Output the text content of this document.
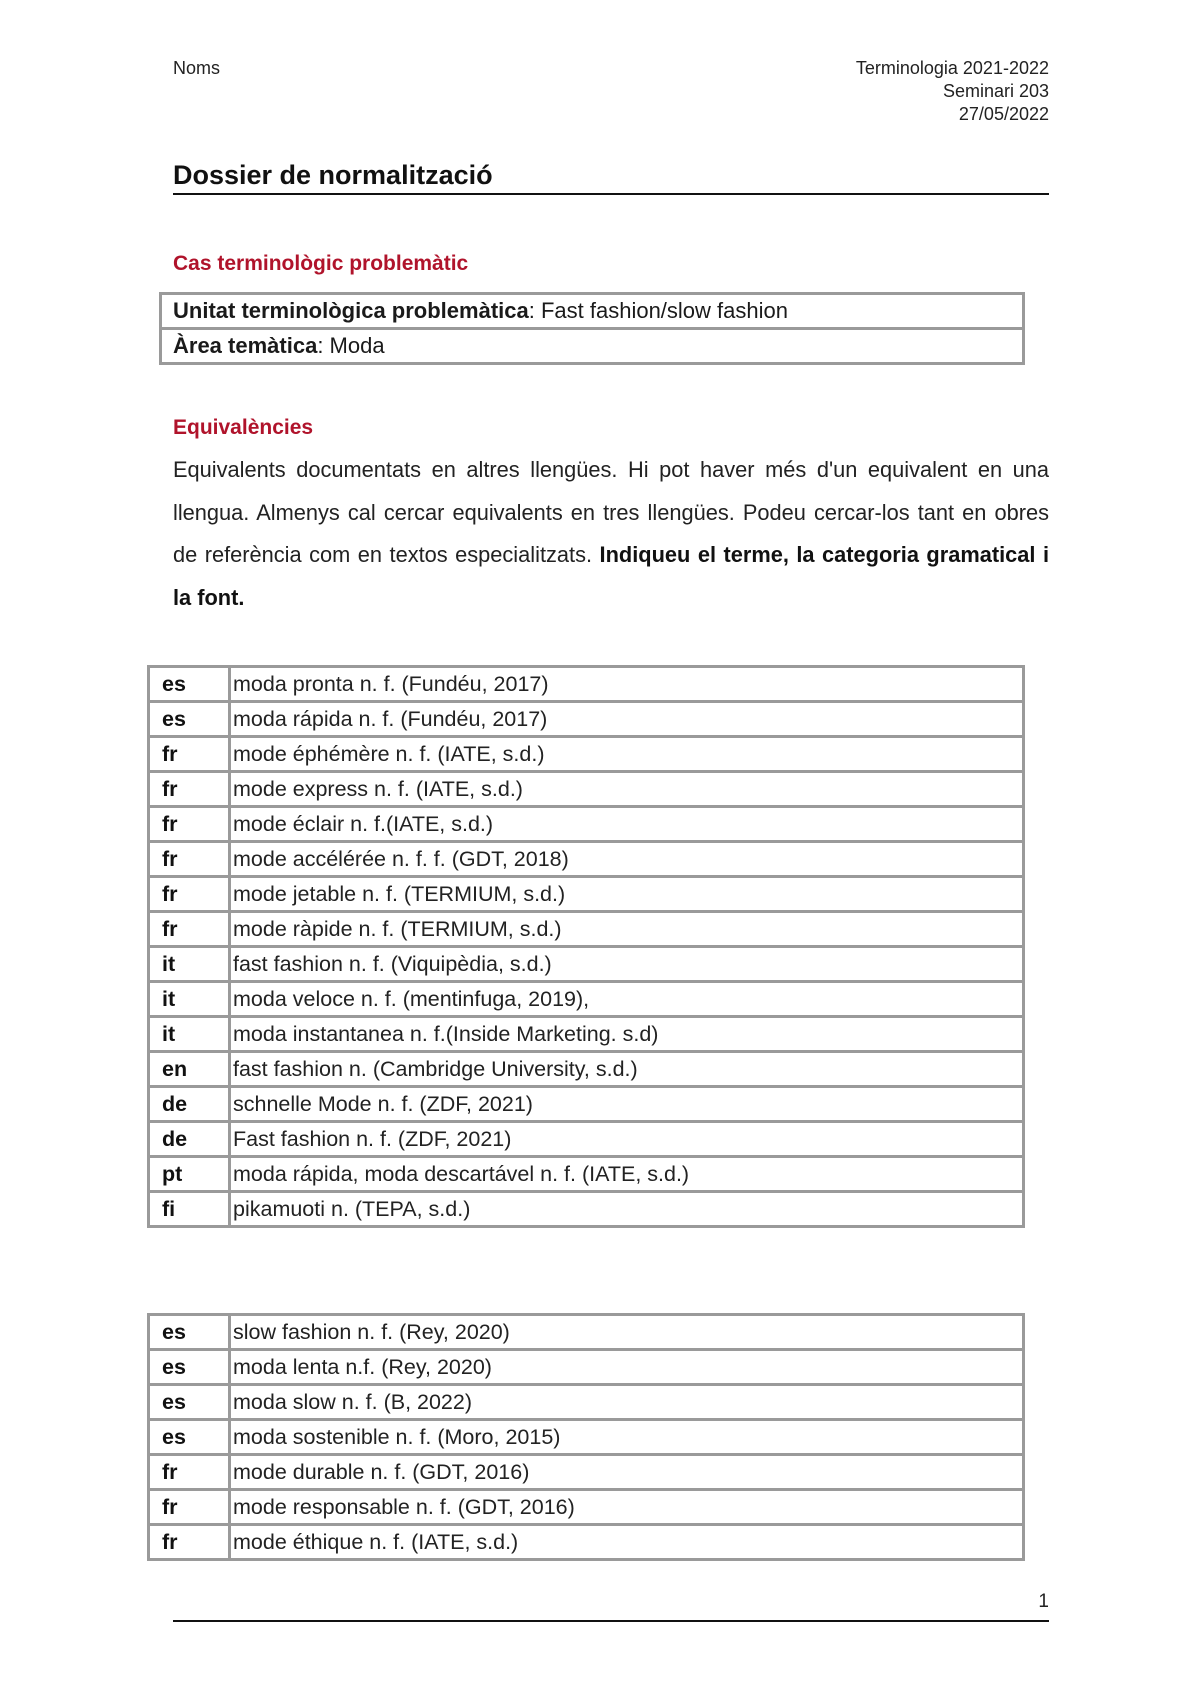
Noms	Terminologia 2021-2022
Seminari 203
27/05/2022
Dossier de normalització
Cas terminològic problemàtic
Unitat terminològica problemàtica: Fast fashion/slow fashion
Àrea temàtica: Moda
Equivalències
Equivalents documentats en altres llengües. Hi pot haver més d'un equivalent en una llengua. Almenys cal cercar equivalents en tres llengües. Podeu cercar-los tant en obres de referència com en textos especialitzats. Indiqueu el terme, la categoria gramatical i la font.
es	moda pronta n. f. (Fundéu, 2017)
es	moda rápida n. f. (Fundéu, 2017)
fr	mode éphémère n. f. (IATE, s.d.)
fr	mode express n. f. (IATE, s.d.)
fr	mode éclair n. f.(IATE, s.d.)
fr	mode accélérée n. f. f. (GDT, 2018)
fr	mode jetable n. f. (TERMIUM, s.d.)
fr	mode ràpide n. f. (TERMIUM, s.d.)
it	fast fashion n. f. (Viquipèdia, s.d.)
it	moda veloce n. f. (mentinfuga, 2019),
it	moda instantanea n. f.(Inside Marketing. s.d)
en	fast fashion n. (Cambridge University, s.d.)
de	schnelle Mode n. f. (ZDF, 2021)
de	Fast fashion n. f. (ZDF, 2021)
pt	moda rápida, moda descartável n. f. (IATE, s.d.)
fi	pikamuoti n. (TEPA, s.d.)
es	slow fashion n. f. (Rey, 2020)
es	moda lenta n.f. (Rey, 2020)
es	moda slow n. f. (B, 2022)
es	moda sostenible n. f. (Moro, 2015)
fr	mode durable n. f. (GDT, 2016)
fr	mode responsable n. f. (GDT, 2016)
fr	mode éthique n. f. (IATE, s.d.)
1
